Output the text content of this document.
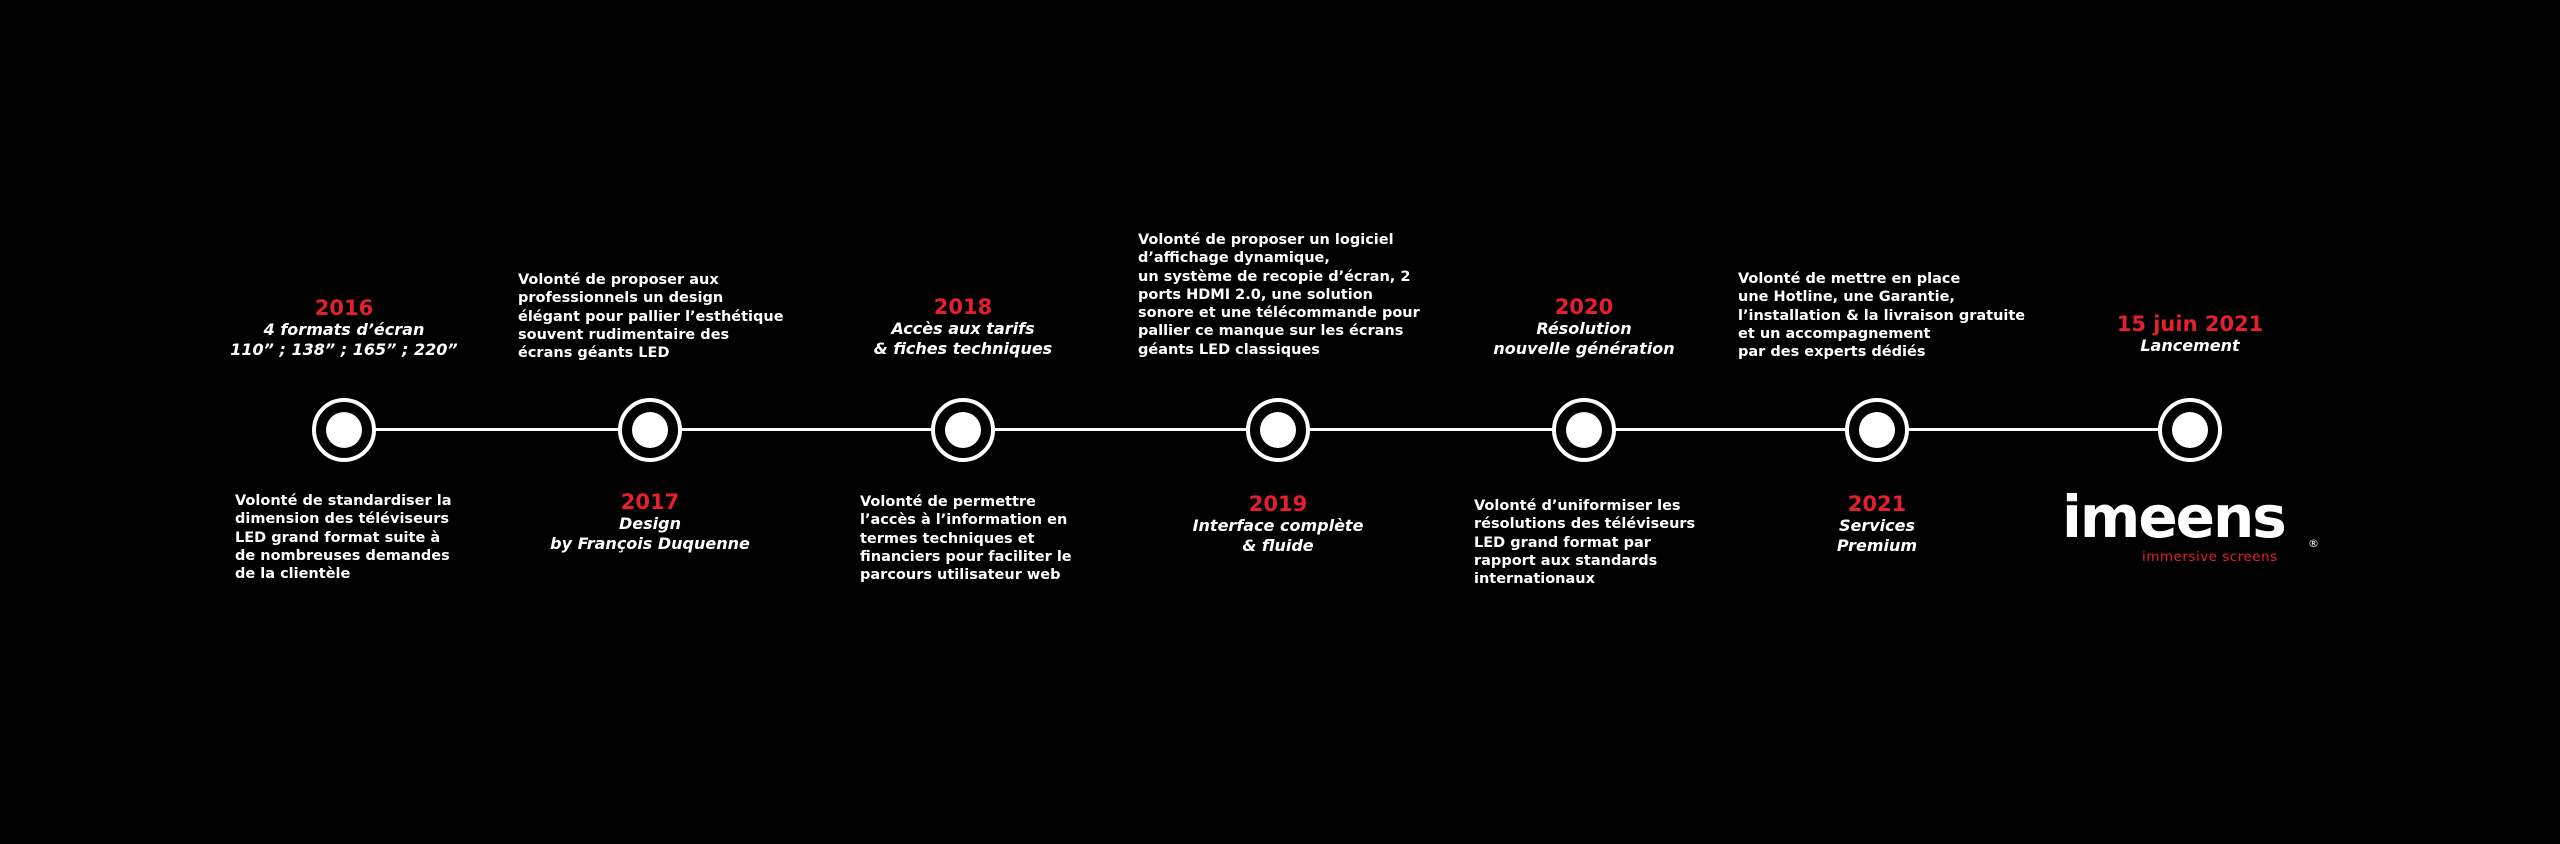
2016
4 formats d’écran
110” ; 138” ; 165” ; 220”
Volonté de standardiser la
dimension des téléviseurs
LED grand format suite à
de nombreuses demandes
de la clientèle
Volonté de proposer aux
professionnels un design
élégant pour pallier l’esthétique
souvent rudimentaire des
écrans géants LED
2017
Design
by François Duquenne
2018
Accès aux tarifs
& fiches techniques
Volonté de permettre
l’accès à l’information en
termes techniques et
financiers pour faciliter le
parcours utilisateur web
Volonté de proposer un logiciel
d’affichage dynamique,
un système de recopie d’écran, 2
ports HDMI 2.0, une solution
sonore et une télécommande pour
pallier ce manque sur les écrans
géants LED classiques
2019
Interface complète
& fluide
2020
Résolution
nouvelle génération
Volonté d’uniformiser les
résolutions des téléviseurs
LED grand format par
rapport aux standards
internationaux
Volonté de mettre en place
une Hotline, une Garantie,
l’installation & la livraison gratuite
et un accompagnement
par des experts dédiés
2021
Services
Premium
15 juin 2021
Lancement
imeens ®
immersive screens
